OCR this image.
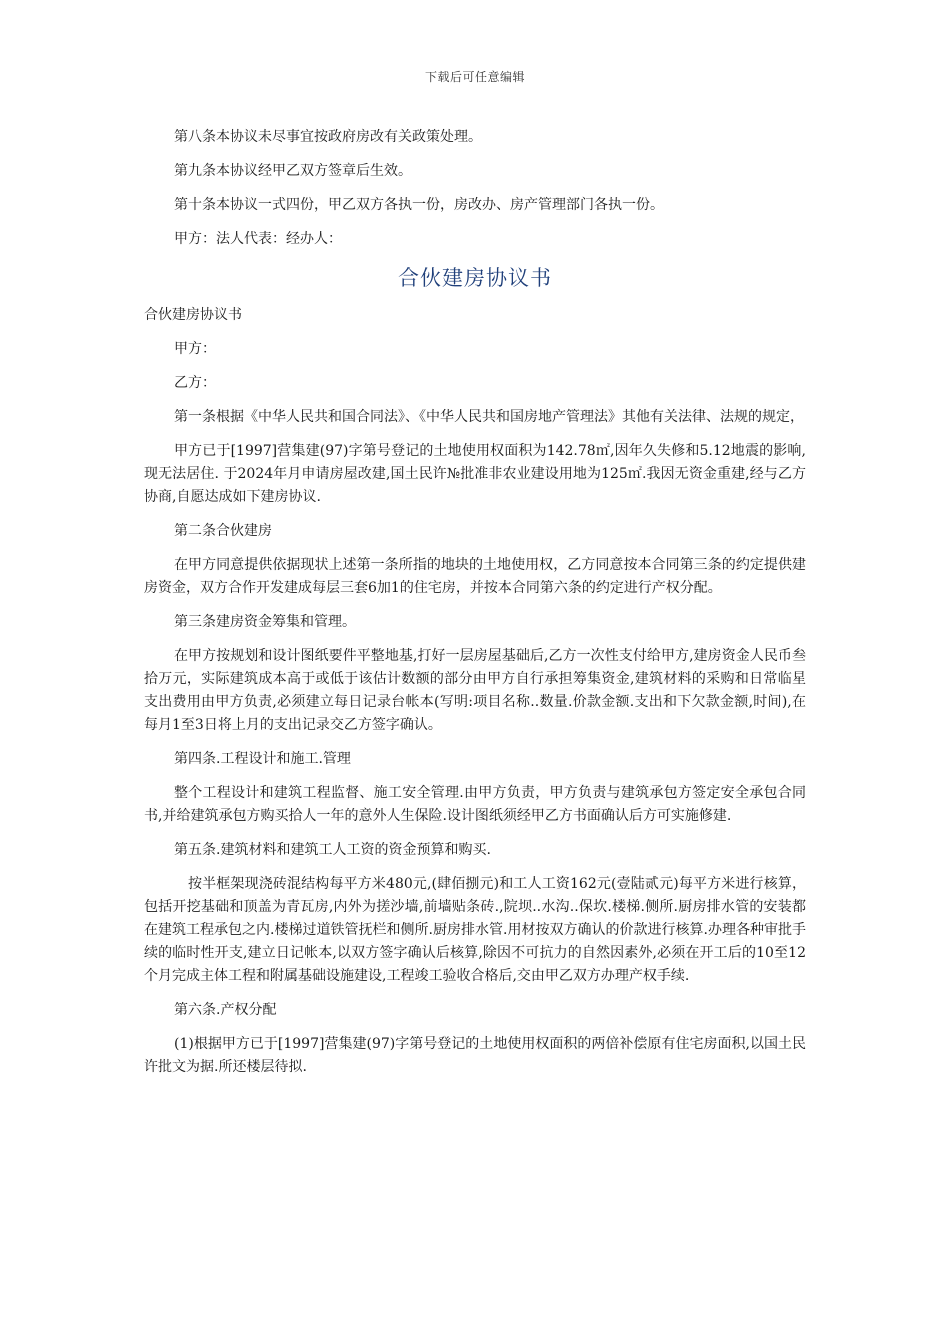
下载后可任意编辑

第八条本协议未尽事宜按政府房改有关政策处理。

第九条本协议经甲乙双方签章后生效。

第十条本协议一式四份，甲乙双方各执一份，房改办、房产管理部门各执一份。

甲方：法人代表：经办人：

合伙建房协议书

合伙建房协议书

甲方：

乙方：

第一条根据《中华人民共和国合同法》、《中华人民共和国房地产管理法》其他有关法律、法规的规定，

甲方已于[1997]营集建(97)字第号登记的土地使用权面积为142.78㎡,因年久失修和5.12地震的影响,现无法居住. 于2024年月申请房屋改建,国土民许№批准非农业建设用地为125㎡.我因无资金重建,经与乙方协商,自愿达成如下建房协议.

第二条合伙建房

在甲方同意提供依据现状上述第一条所指的地块的土地使用权，乙方同意按本合同第三条的约定提供建房资金，双方合作开发建成每层三套6加1的住宅房，并按本合同第六条的约定进行产权分配。

第三条建房资金筹集和管理。

在甲方按规划和设计图纸要件平整地基,打好一层房屋基础后,乙方一次性支付给甲方,建房资金人民币叁拾万元，实际建筑成本高于或低于该估计数额的部分由甲方自行承担筹集资金,建筑材料的采购和日常临星支出费用由甲方负责,必须建立每日记录台帐本(写明:项目名称..数量.价款金额.支出和下欠款金额,时间),在每月1至3日将上月的支出记录交乙方签字确认。

第四条.工程设计和施工.管理

整个工程设计和建筑工程监督、施工安全管理.由甲方负责，甲方负责与建筑承包方签定安全承包合同书,并给建筑承包方购买拾人一年的意外人生保险.设计图纸须经甲乙方书面确认后方可实施修建.

第五条.建筑材料和建筑工人工资的资金预算和购买.

按半框架现浇砖混结构每平方米480元,(肆佰捌元)和工人工资162元(壹陆贰元)每平方米进行核算，包括开挖基础和顶盖为青瓦房,内外为搓沙墙,前墙贴条砖.,院坝..水沟..保坎.楼梯.侧所.厨房排水管的安装都在建筑工程承包之内.楼梯过道铁管抚栏和侧所.厨房排水管.用材按双方确认的价款进行核算.办理各种审批手续的临时性开支,建立日记帐本,以双方签字确认后核算,除因不可抗力的自然因素外,必须在开工后的10至12个月完成主体工程和附属基础设施建设,工程竣工验收合格后,交由甲乙双方办理产权手续.

第六条.产权分配

(1)根据甲方已于[1997]营集建(97)字第号登记的土地使用权面积的两倍补偿原有住宅房面积,以国土民许批文为据.所还楼层待拟.
